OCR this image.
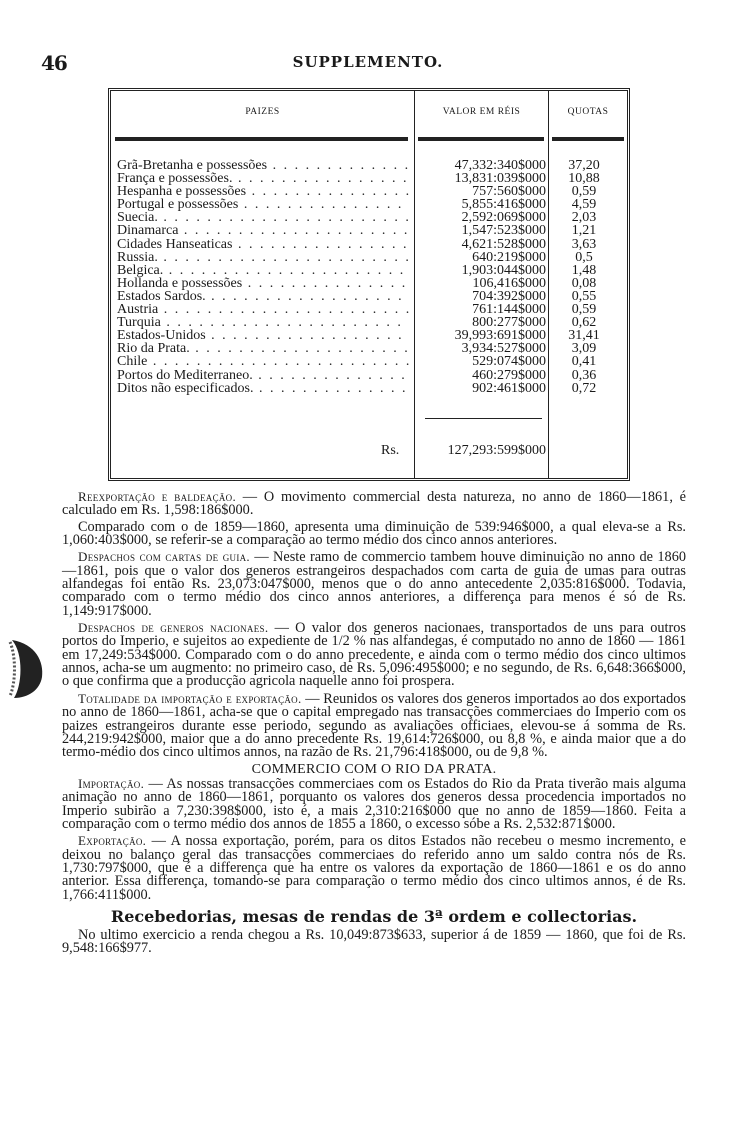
46	SUPPLEMENTO.
PAIZES	VALOR EM RÉIS	QUOTAS
Grã-Bretanha e possessões . . .	47,332:340$000	37,20
França e possessões. . . .	13,831:039$000	10,88
Hespanha e possessões . . .	757:560$000	0,59
Portugal e possessões . . .	5,855:416$000	4,59
Suecia. . . .	2,592:069$000	2,03
Dinamarca . . .	1,547:523$000	1,21
Cidades Hanseaticas . . .	4,621:528$000	3,63
Russia. . . .	640:219$000	0,5
Belgica. . . .	1,903:044$000	1,48
Hollanda e possessões . . .	106,416$000	0,08
Estados Sardos. . . .	704:392$000	0,55
Austria . . .	761:144$000	0,59
Turquia . . .	800:277$000	0,62
Estados-Unidos . . .	39,993:691$000	31,41
Rio da Prata. . . .	3,934:527$000	3,09
Chile . . .	529:074$000	0,41
Portos do Mediterraneo. . . .	460:279$000	0,36
Ditos não especificados. . . .	902:461$000	0,72
Rs.	127,293:599$000

Reexportação e baldeação. — O movimento commercial desta natureza, no anno de 1860—1861, é calculado em Rs. 1,598:186$000.

Comparado com o de 1859—1860, apresenta uma diminuição de 539:946$000, a qual eleva-se a Rs. 1,060:403$000, se referir-se a comparação ao termo médio dos cinco annos anteriores.

Despachos com cartas de guia. — Neste ramo de commercio tambem houve diminuição no anno de 1860—1861, pois que o valor dos generos estrangeiros despachados com carta de guia de umas para outras alfandegas foi então Rs. 23,073:047$000, menos que o do anno antecedente 2,035:816$000. Todavia, comparado com o termo médio dos cinco annos anteriores, a differença para menos é só de Rs. 1,149:917$000.

Despachos de generos nacionaes. — O valor dos generos nacionaes, transportados de uns para outros portos do Imperio, e sujeitos ao expediente de 1/2 % nas alfandegas, é computado no anno de 1860 — 1861 em 17,249:534$000. Comparado com o do anno precedente, e ainda com o termo médio dos cinco ultimos annos, acha-se um augmento: no primeiro caso, de Rs. 5,096:495$000; e no segundo, de Rs. 6,648:366$000, o que confirma que a producção agricola naquelle anno foi prospera.

Totalidade da importação e exportação. — Reunidos os valores dos generos importados ao dos exportados no anno de 1860—1861, acha-se que o capital empregado nas transacções commerciaes do Imperio com os paizes estrangeiros durante esse periodo, segundo as avaliações officiaes, elevou-se á somma de Rs. 244,219:942$000, maior que a do anno precedente Rs. 19,614:726$000, ou 8,8 %, e ainda maior que a do termo-médio dos cinco ultimos annos, na razão de Rs. 21,796:418$000, ou de 9,8 %.

COMMERCIO COM O RIO DA PRATA.

Importação. — As nossas transacções commerciaes com os Estados do Rio da Prata tiverão mais alguma animação no anno de 1860—1861, porquanto os valores dos generos dessa procedencia importados no Imperio subirão a 7,230:398$000, isto é, a mais 2,310:216$000 que no anno de 1859—1860. Feita a comparação com o termo médio dos annos de 1855 a 1860, o excesso sóbe a Rs. 2,532:871$000.

Exportação. — A nossa exportação, porém, para os ditos Estados não recebeu o mesmo incremento, e deixou no balanço geral das transacções commerciaes do referido anno um saldo contra nós de Rs. 1,730:797$000, que é a differença que ha entre os valores da exportação de 1860—1861 e os do anno anterior. Essa differença, tomando-se para comparação o termo médio dos cinco ultimos annos, é de Rs. 1,766:411$000.

Recebedorias, mesas de rendas de 3ª ordem e collectorias.

No ultimo exercicio a renda chegou a Rs. 10,049:873$633, superior á de 1859 — 1860, que foi de Rs. 9,548:166$977.
